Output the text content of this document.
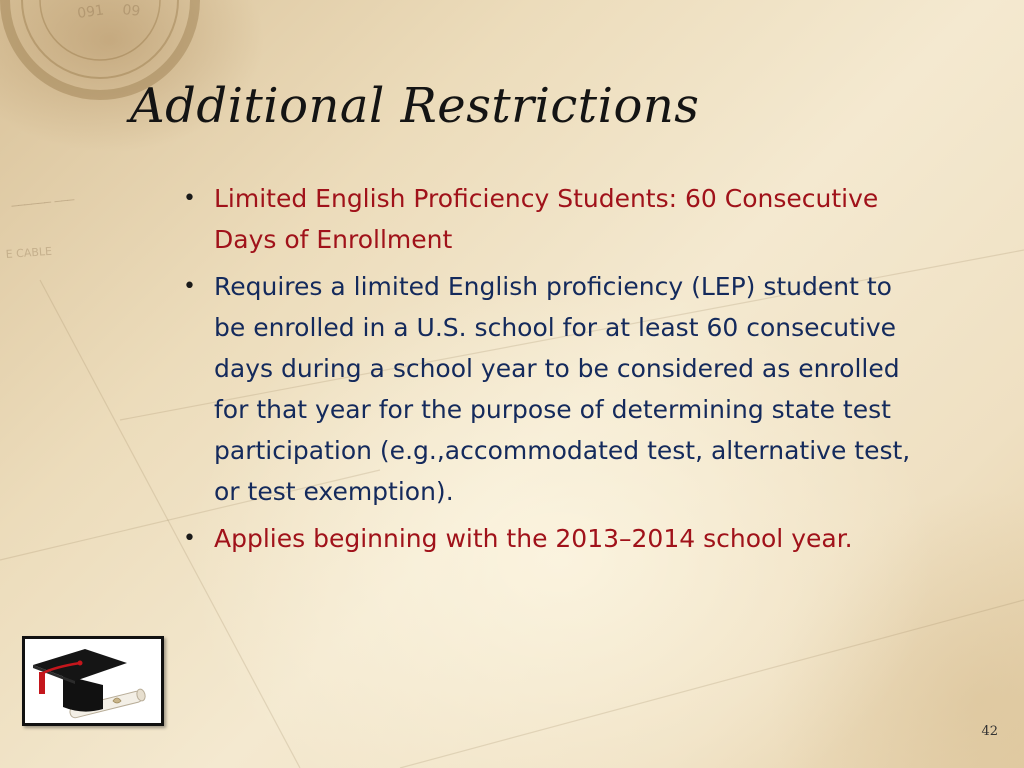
091 09
────── ───
E CABLE
Additional Restrictions
• Limited English Proficiency Students: 60 Consecutive Days of Enrollment
• Requires a limited English proficiency (LEP) student to be enrolled in a U.S. school for at least 60 consecutive days during a school year to be considered as enrolled for that year for the purpose of determining state test participation (e.g.,accommodated test, alternative test, or test exemption).
• Applies beginning with the 2013–2014 school year.
42
